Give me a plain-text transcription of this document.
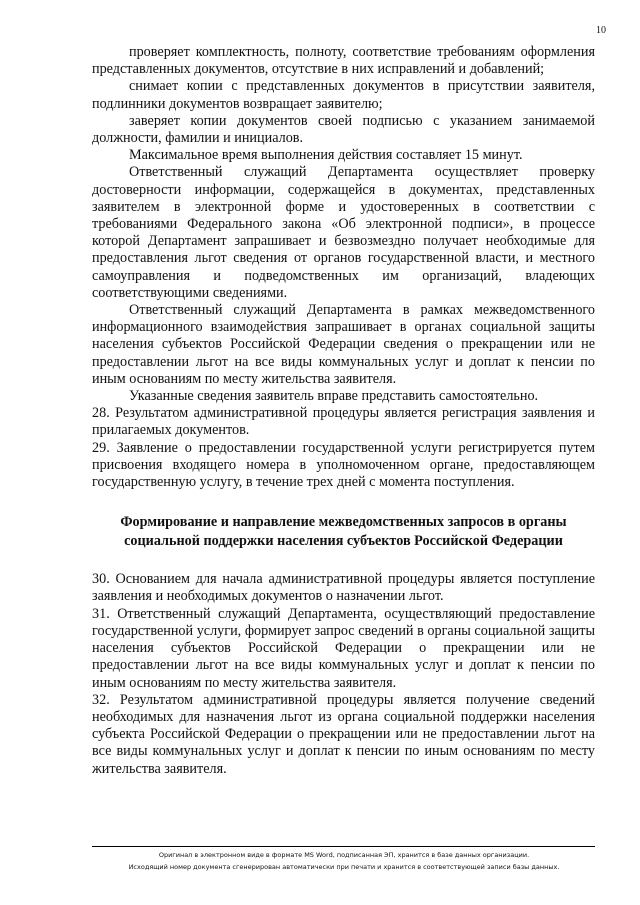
10

проверяет комплектность, полноту, соответствие требованиям оформления представленных документов, отсутствие в них исправлений и добавлений;

снимает копии с представленных документов в присутствии заявителя, подлинники документов возвращает заявителю;

заверяет копии документов своей подписью с указанием занимаемой должности, фамилии и инициалов.

Максимальное время выполнения действия составляет 15 минут.

Ответственный служащий Департамента осуществляет проверку достоверности информации, содержащейся в документах, представленных заявителем в электронной форме и удостоверенных в соответствии с требованиями Федерального закона «Об электронной подписи», в процессе которой Департамент запрашивает и безвозмездно получает необходимые для предоставления льгот сведения от органов государственной власти, и местного самоуправления и подведомственных им организаций, владеющих соответствующими сведениями.

Ответственный служащий Департамента в рамках межведомственного информационного взаимодействия запрашивает в органах социальной защиты населения субъектов Российской Федерации сведения о прекращении или не предоставлении льгот на все виды коммунальных услуг и доплат к пенсии по иным основаниям по месту жительства заявителя.

Указанные сведения заявитель вправе представить самостоятельно.

28. Результатом административной процедуры является регистрация заявления и прилагаемых документов.

29. Заявление о предоставлении государственной услуги регистрируется путем присвоения входящего номера в уполномоченном органе, предоставляющем государственную услугу, в течение трех дней с момента поступления.

Формирование и направление межведомственных запросов в органы
социальной поддержки населения субъектов Российской Федерации

30. Основанием для начала административной процедуры является поступление заявления и необходимых документов о назначении льгот.

31. Ответственный служащий Департамента, осуществляющий предоставление государственной услуги, формирует запрос сведений в органы социальной защиты населения субъектов Российской Федерации о прекращении или не предоставлении льгот на все виды коммунальных услуг и доплат к пенсии по иным основаниям по месту жительства заявителя.

32. Результатом административной процедуры является получение сведений необходимых для назначения льгот из органа социальной поддержки населения субъекта Российской Федерации о прекращении или не предоставлении льгот на все виды коммунальных услуг и доплат к пенсии по иным основаниям по месту жительства заявителя.

Оригинал в электронном виде в формате MS Word, подписанная ЭП, хранится в базе данных организации.
Исходящий номер документа сгенерирован автоматически при печати и хранится в соответствующей записи базы данных.
